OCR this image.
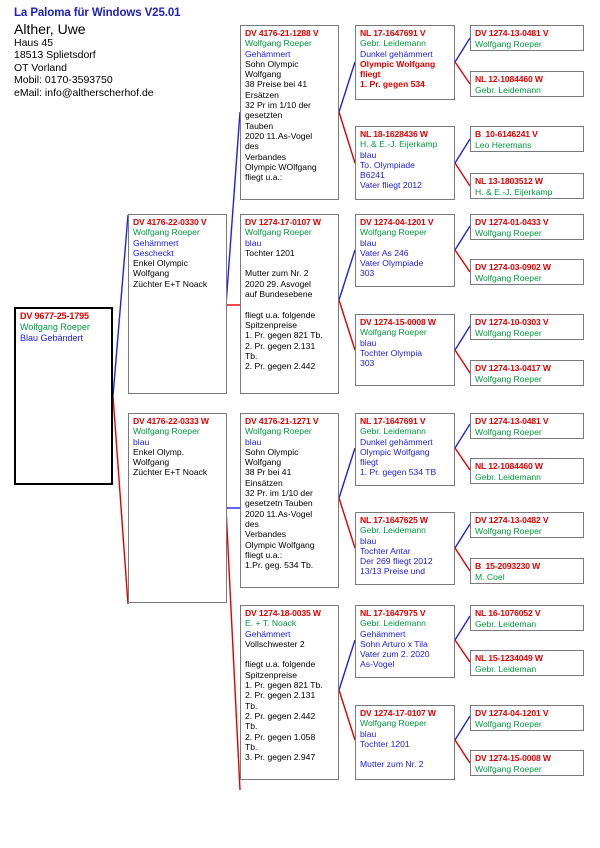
La Paloma für Windows V25.01
Alther, Uwe
Haus 45
18513 Splietsdorf
OT Vorland
Mobil: 0170-3593750
eMail: info@altherscherhof.de
DV 9677-25-1795
Wolfgang Roeper
Blau Gebändert
DV 4176-22-0330 V
Wolfgang Roeper
Gehämmert
Gescheckt
Enkel Olympic
Wolfgang
Züchter E+T Noack
DV 4176-22-0333 W
Wolfgang Roeper
blau
Enkel Olymp.
Wolfgang
Züchter E+T Noack
DV 4176-21-1288 V
Wolfgang Roeper
Gehämmert
Sohn Olympic
Wolfgang
38 Preise bei 41
Ersätzen
32 Pr im 1/10 der
gesetzten
Tauben
2020 11.As-Vogel
des
Verbandes
Olympic WOlfgang
fliegt u.a.:
DV 1274-17-0107 W
Wolfgang Roeper
blau
Tochter 1201
Mutter zum Nr. 2
2020 29. Asvogel
auf Bundesebene
fliegt u.a. folgende
Spitzenpreise
1. Pr. gegen 821 Tb.
2. Pr. gegen 2.131
Tb.
2. Pr. gegen 2.442
DV 4176-21-1271 V
Wolfgang Roeper
blau
Sohn Olympic
Wolfgang
38 Pr bei 41
Einsätzen
32 Pr. im 1/10 der
gesetzetn Tauben
2020 11.As-Vogel
des
Verbandes
Olympic Wolfgang
fliegt u.a.:
1.Pr. geg. 534 Tb.
DV 1274-18-0035 W
E. + T. Noack
Gehämmert
Vollschwester 2
fliegt u.a. folgende
Spitzenpreise
1. Pr. gegen 821 Tb.
2. Pr. gegen 2.131
Tb.
2. Pr. gegen 2.442
Tb.
2. Pr. gegen 1.058
Tb.
3. Pr. gegen 2.947
NL 17-1647691 V
Gebr. Leidemann
Dunkel gehämmert
Olympic Wolfgang
fliegt
1. Pr. gegen 534
NL 18-1628436 W
H. & E.-J. Eijerkamp
blau
To. Olympiade
B6241
Vater fliegt 2012
DV 1274-04-1201 V
Wolfgang Roeper
blau
Vater As 246
Vater Olympiade
303
DV 1274-15-0008 W
Wolfgang Roeper
blau
Tochter Olympia
303
NL 17-1647691 V
Gebr. Leidemann
Dunkel gehämmert
Olympic Wolfgang
fliegt
1. Pr. gegen 534 TB
NL 17-1647625 W
Gebr. Leidemann
blau
Tochter Antar
Der 269 fliegt 2012
13/13 Preise und
NL 17-1647975 V
Gebr. Leidemann
Gehämmert
Sohn Arturo x Tila
Vater zum 2. 2020
As-Vogel
DV 1274-17-0107 W
Wolfgang Roeper
blau
Tochter 1201
Mutter zum Nr. 2
DV 1274-13-0481 V
Wolfgang Roeper
NL 12-1084460 W
Gebr. Leidemann
B  10-6146241 V
Leo Heremans
NL 13-1803512 W
H. & E.-J. Eijerkamp
DV 1274-01-0433 V
Wolfgang Roeper
DV 1274-03-0902 W
Wolfgang Roeper
DV 1274-10-0303 V
Wolfgang Roeper
DV 1274-13-0417 W
Wolfgang Roeper
DV 1274-13-0481 V
Wolfgang Roeper
NL 12-1084460 W
Gebr. Leidemann
DV 1274-13-0482 V
Wolfgang Roeper
B  15-2093230 W
M. Coel
NL 16-1076052 V
Gebr. Leideman
NL 15-1234049 W
Gebr. Leideman
DV 1274-04-1201 V
Wolfgang Roeper
DV 1274-15-0008 W
Wolfgang Roeper
